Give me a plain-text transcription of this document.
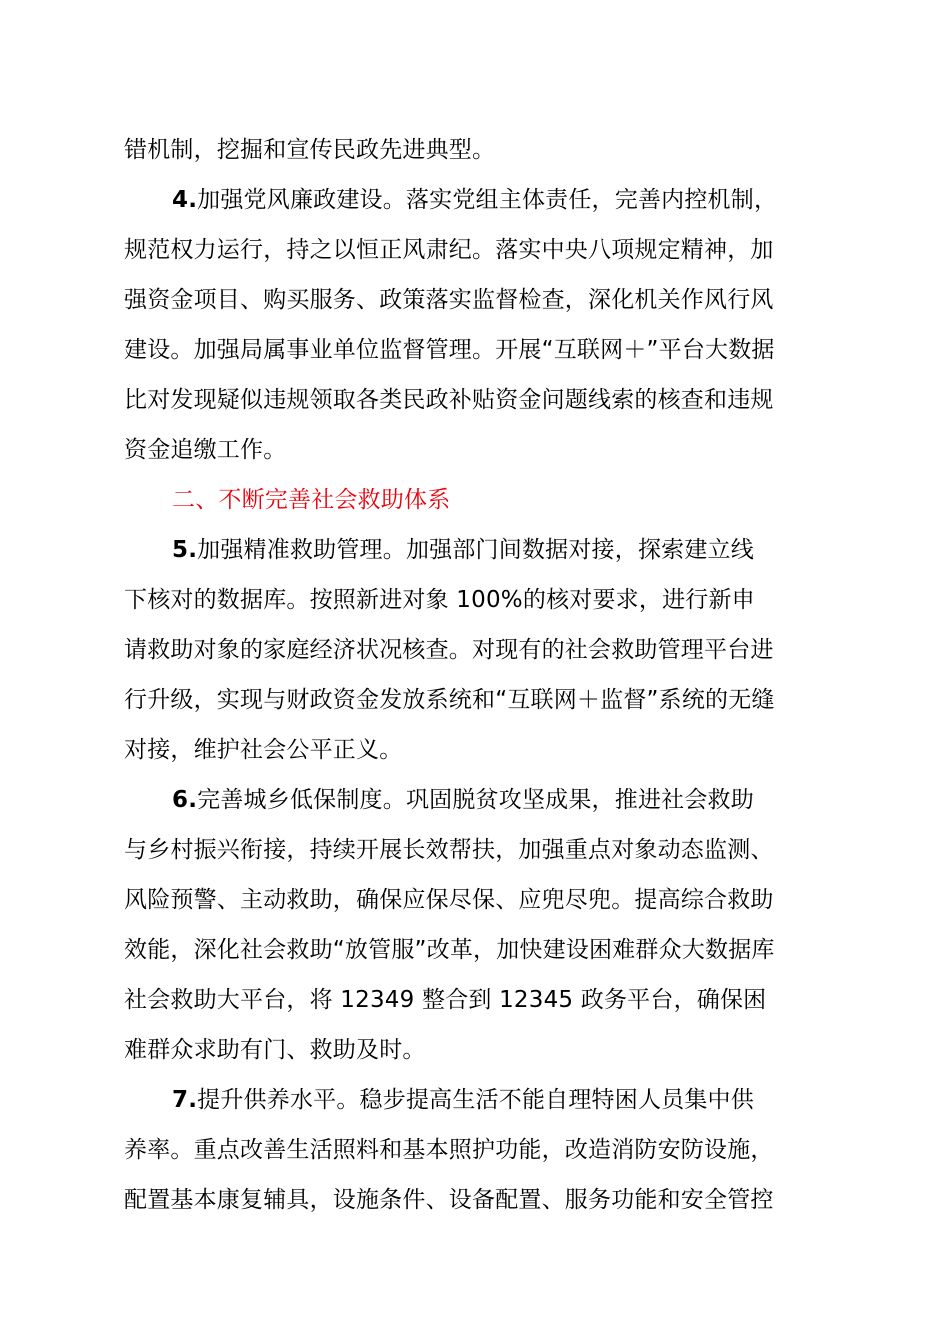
错机制，挖掘和宣传民政先进典型。
4.加强党风廉政建设。落实党组主体责任，完善内控机制，
规范权力运行，持之以恒正风肃纪。落实中央八项规定精神，加
强资金项目、购买服务、政策落实监督检查，深化机关作风行风
建设。加强局属事业单位监督管理。开展“互联网＋”平台大数据
比对发现疑似违规领取各类民政补贴资金问题线索的核查和违规
资金追缴工作。
二、不断完善社会救助体系
5.加强精准救助管理。加强部门间数据对接，探索建立线
下核对的数据库。按照新进对象 100%的核对要求，进行新申
请救助对象的家庭经济状况核查。对现有的社会救助管理平台进
行升级，实现与财政资金发放系统和“互联网＋监督”系统的无缝
对接，维护社会公平正义。
6.完善城乡低保制度。巩固脱贫攻坚成果，推进社会救助
与乡村振兴衔接，持续开展长效帮扶，加强重点对象动态监测、
风险预警、主动救助，确保应保尽保、应兜尽兜。提高综合救助
效能，深化社会救助“放管服”改革，加快建设困难群众大数据库
社会救助大平台，将 12349 整合到 12345 政务平台，确保困
难群众求助有门、救助及时。
7.提升供养水平。稳步提高生活不能自理特困人员集中供
养率。重点改善生活照料和基本照护功能，改造消防安防设施，
配置基本康复辅具，设施条件、设备配置、服务功能和安全管控
